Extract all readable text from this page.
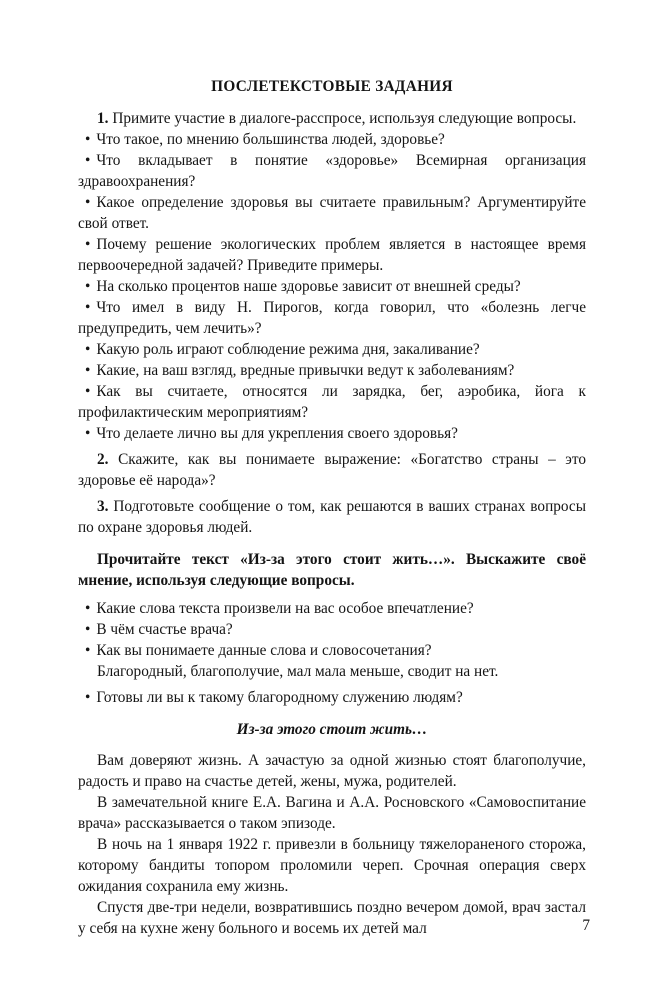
ПОСЛЕТЕКСТОВЫЕ ЗАДАНИЯ

1. Примите участие в диалоге-расспросе, используя следующие вопросы.

• Что такое, по мнению большинства людей, здоровье?

• Что вкладывает в понятие «здоровье» Всемирная организация здравоохранения?

• Какое определение здоровья вы считаете правильным? Аргументируйте свой ответ.

• Почему решение экологических проблем является в настоящее время первоочередной задачей? Приведите примеры.

• На сколько процентов наше здоровье зависит от внешней среды?

• Что имел в виду Н. Пирогов, когда говорил, что «болезнь легче предупредить, чем лечить»?

• Какую роль играют соблюдение режима дня, закаливание?

• Какие, на ваш взгляд, вредные привычки ведут к заболеваниям?

• Как вы считаете, относятся ли зарядка, бег, аэробика, йога к профилактическим мероприятиям?

• Что делаете лично вы для укрепления своего здоровья?

2. Скажите, как вы понимаете выражение: «Богатство страны – это здоровье её народа»?

3. Подготовьте сообщение о том, как решаются в ваших странах вопросы по охране здоровья людей.

Прочитайте текст «Из-за этого стоит жить…». Выскажите своё мнение, используя следующие вопросы.

• Какие слова текста произвели на вас особое впечатление?

• В чём счастье врача?

• Как вы понимаете данные слова и словосочетания?

Благородный, благополучие, мал мала меньше, сводит на нет.

• Готовы ли вы к такому благородному служению людям?

Из-за этого стоит жить…

Вам доверяют жизнь. А зачастую за одной жизнью стоят благополучие, радость и право на счастье детей, жены, мужа, родителей.

В замечательной книге Е.А. Вагина и А.А. Росновского «Самовоспитание врача» рассказывается о таком эпизоде.

В ночь на 1 января 1922 г. привезли в больницу тяжелораненого сторожа, которому бандиты топором проломили череп. Срочная операция сверх ожидания сохранила ему жизнь.

Спустя две-три недели, возвратившись поздно вечером домой, врач застал у себя на кухне жену больного и восемь их детей мал	7
